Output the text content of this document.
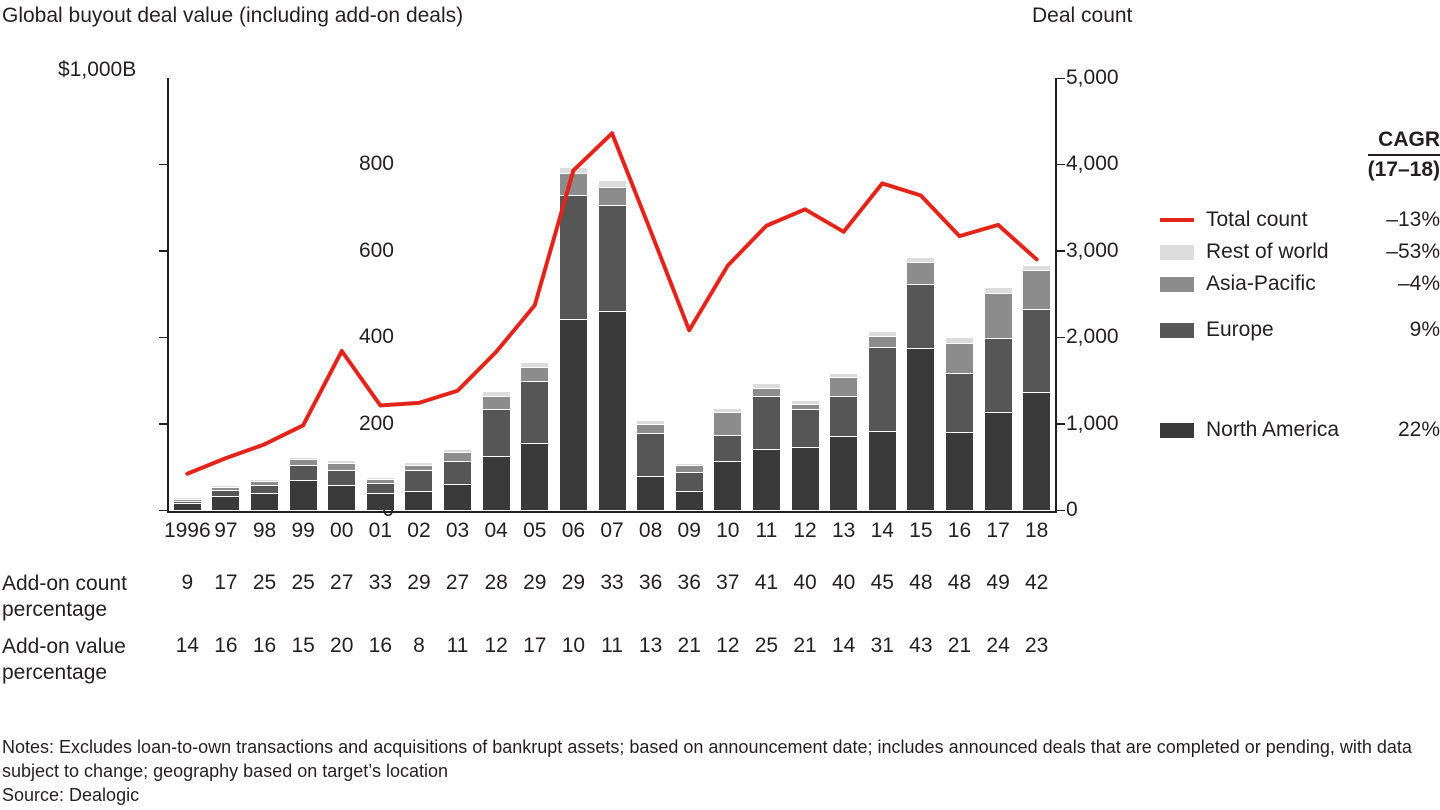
Global buyout deal value (including add-on deals)	Deal count
$1,000B
800
600
400
200
5,000
4,000
3,000
2,000
1,000
0
1996 97 98 99 00 01 02 03 04 05 06 07 08 09 10 11 12 13 14 15 16 17 18
Add-on count
percentage
Add-on value
percentage
9	17 25 25 27 33 29 27 28 29 29 33 36 36 37 41 40 40 45 48 48 49 42
14 16 16 15 20 16	8	11 12 17 10 11 13 21 12 25 21 14 31 43 21 24 23
CAGR
(17–18)
Total count	–13%
Rest of world	–53%
Asia-Pacific	–4%
Europe	9%
North America	22%
Notes: Excludes loan-to-own transactions and acquisitions of bankrupt assets; based on announcement date; includes announced deals that are completed or pending, with data subject to change; geography based on target’s location
Source: Dealogic
